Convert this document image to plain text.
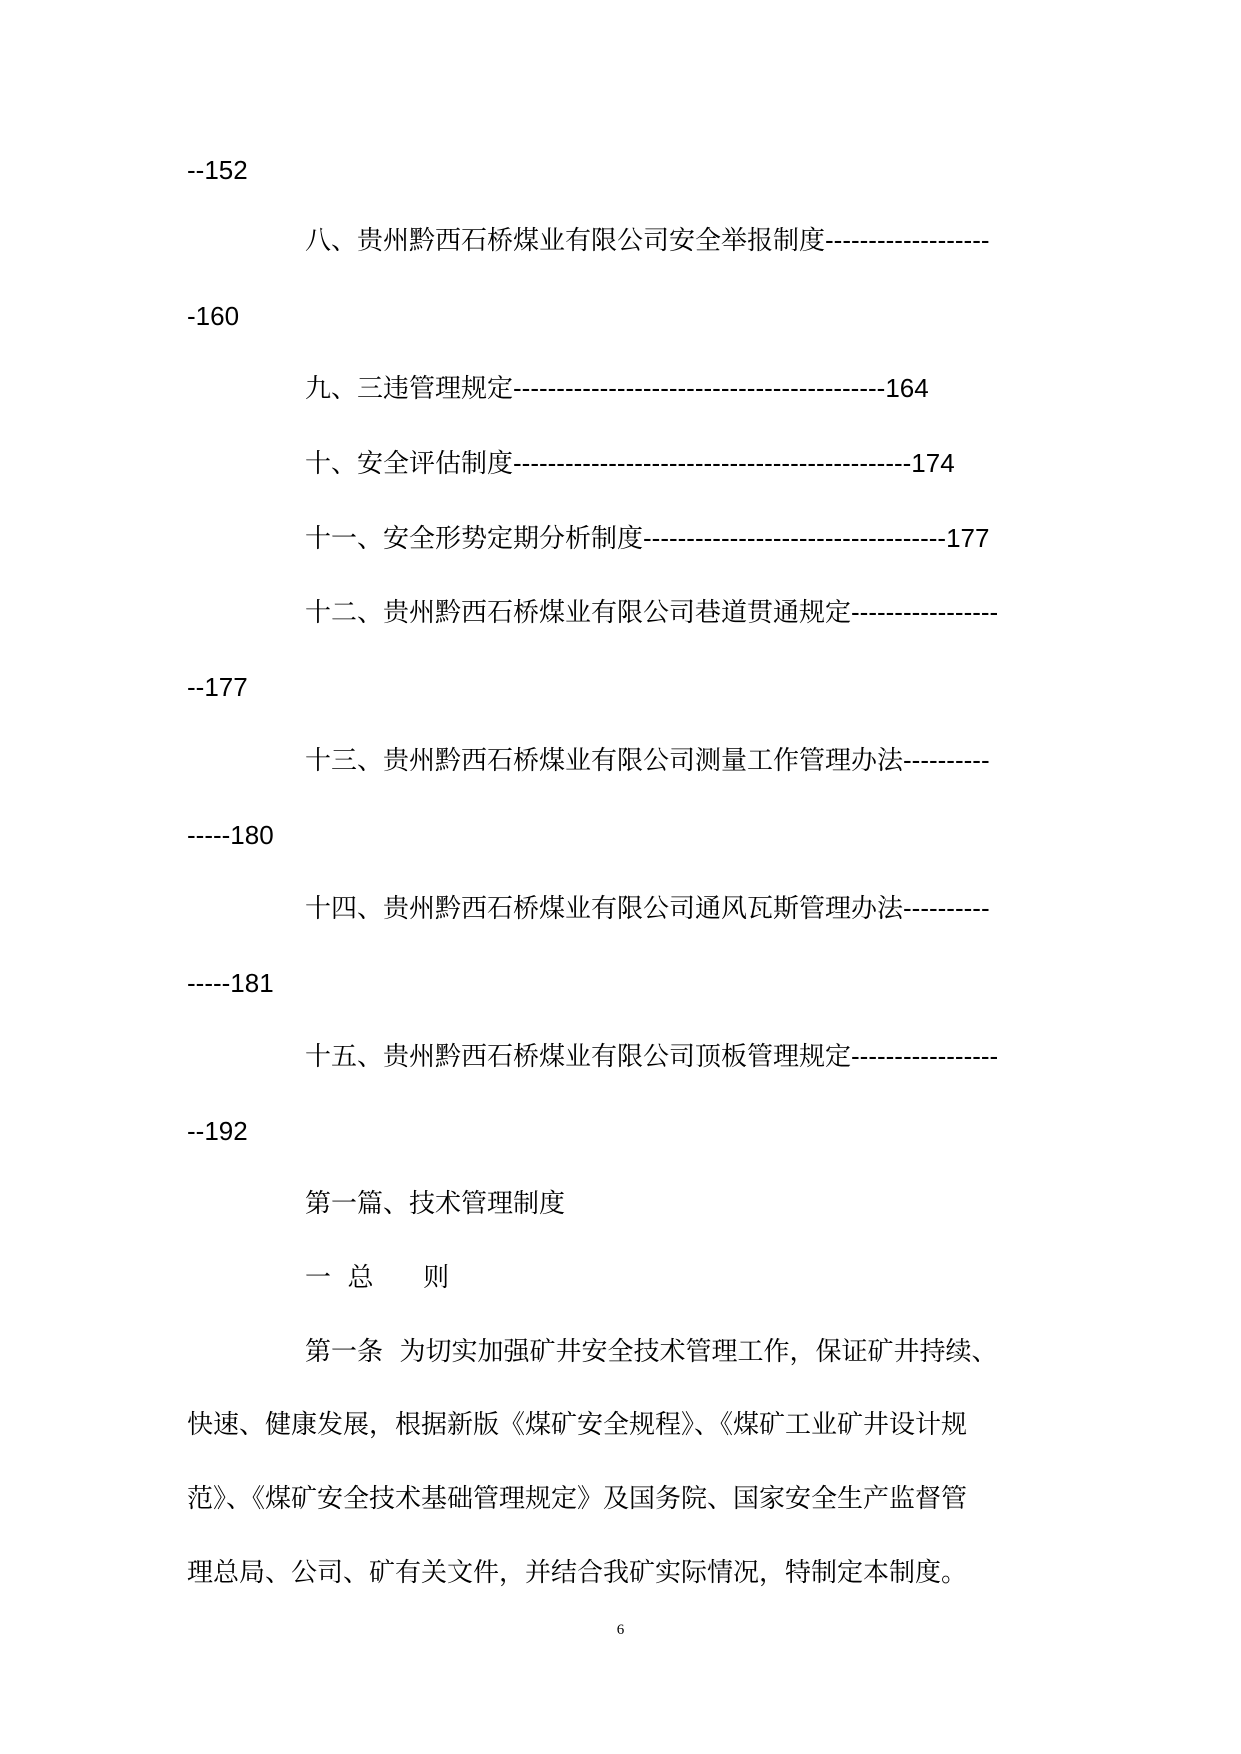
--152
八、贵州黔西石桥煤业有限公司安全举报制度-------------------
-160
九、三违管理规定-------------------------------------------164
十、安全评估制度----------------------------------------------174
十一、安全形势定期分析制度-----------------------------------177
十二、贵州黔西石桥煤业有限公司巷道贯通规定-----------------
--177
十三、贵州黔西石桥煤业有限公司测量工作管理办法----------
-----180
十四、贵州黔西石桥煤业有限公司通风瓦斯管理办法----------
-----181
十五、贵州黔西石桥煤业有限公司顶板管理规定-----------------
--192
第一篇、技术管理制度
一  总      则
第一条  为切实加强矿井安全技术管理工作，保证矿井持续、
快速、健康发展，根据新版《煤矿安全规程》、《煤矿工业矿井设计规
范》、《煤矿安全技术基础管理规定》及国务院、国家安全生产监督管
理总局、公司、矿有关文件，并结合我矿实际情况，特制定本制度。
6
